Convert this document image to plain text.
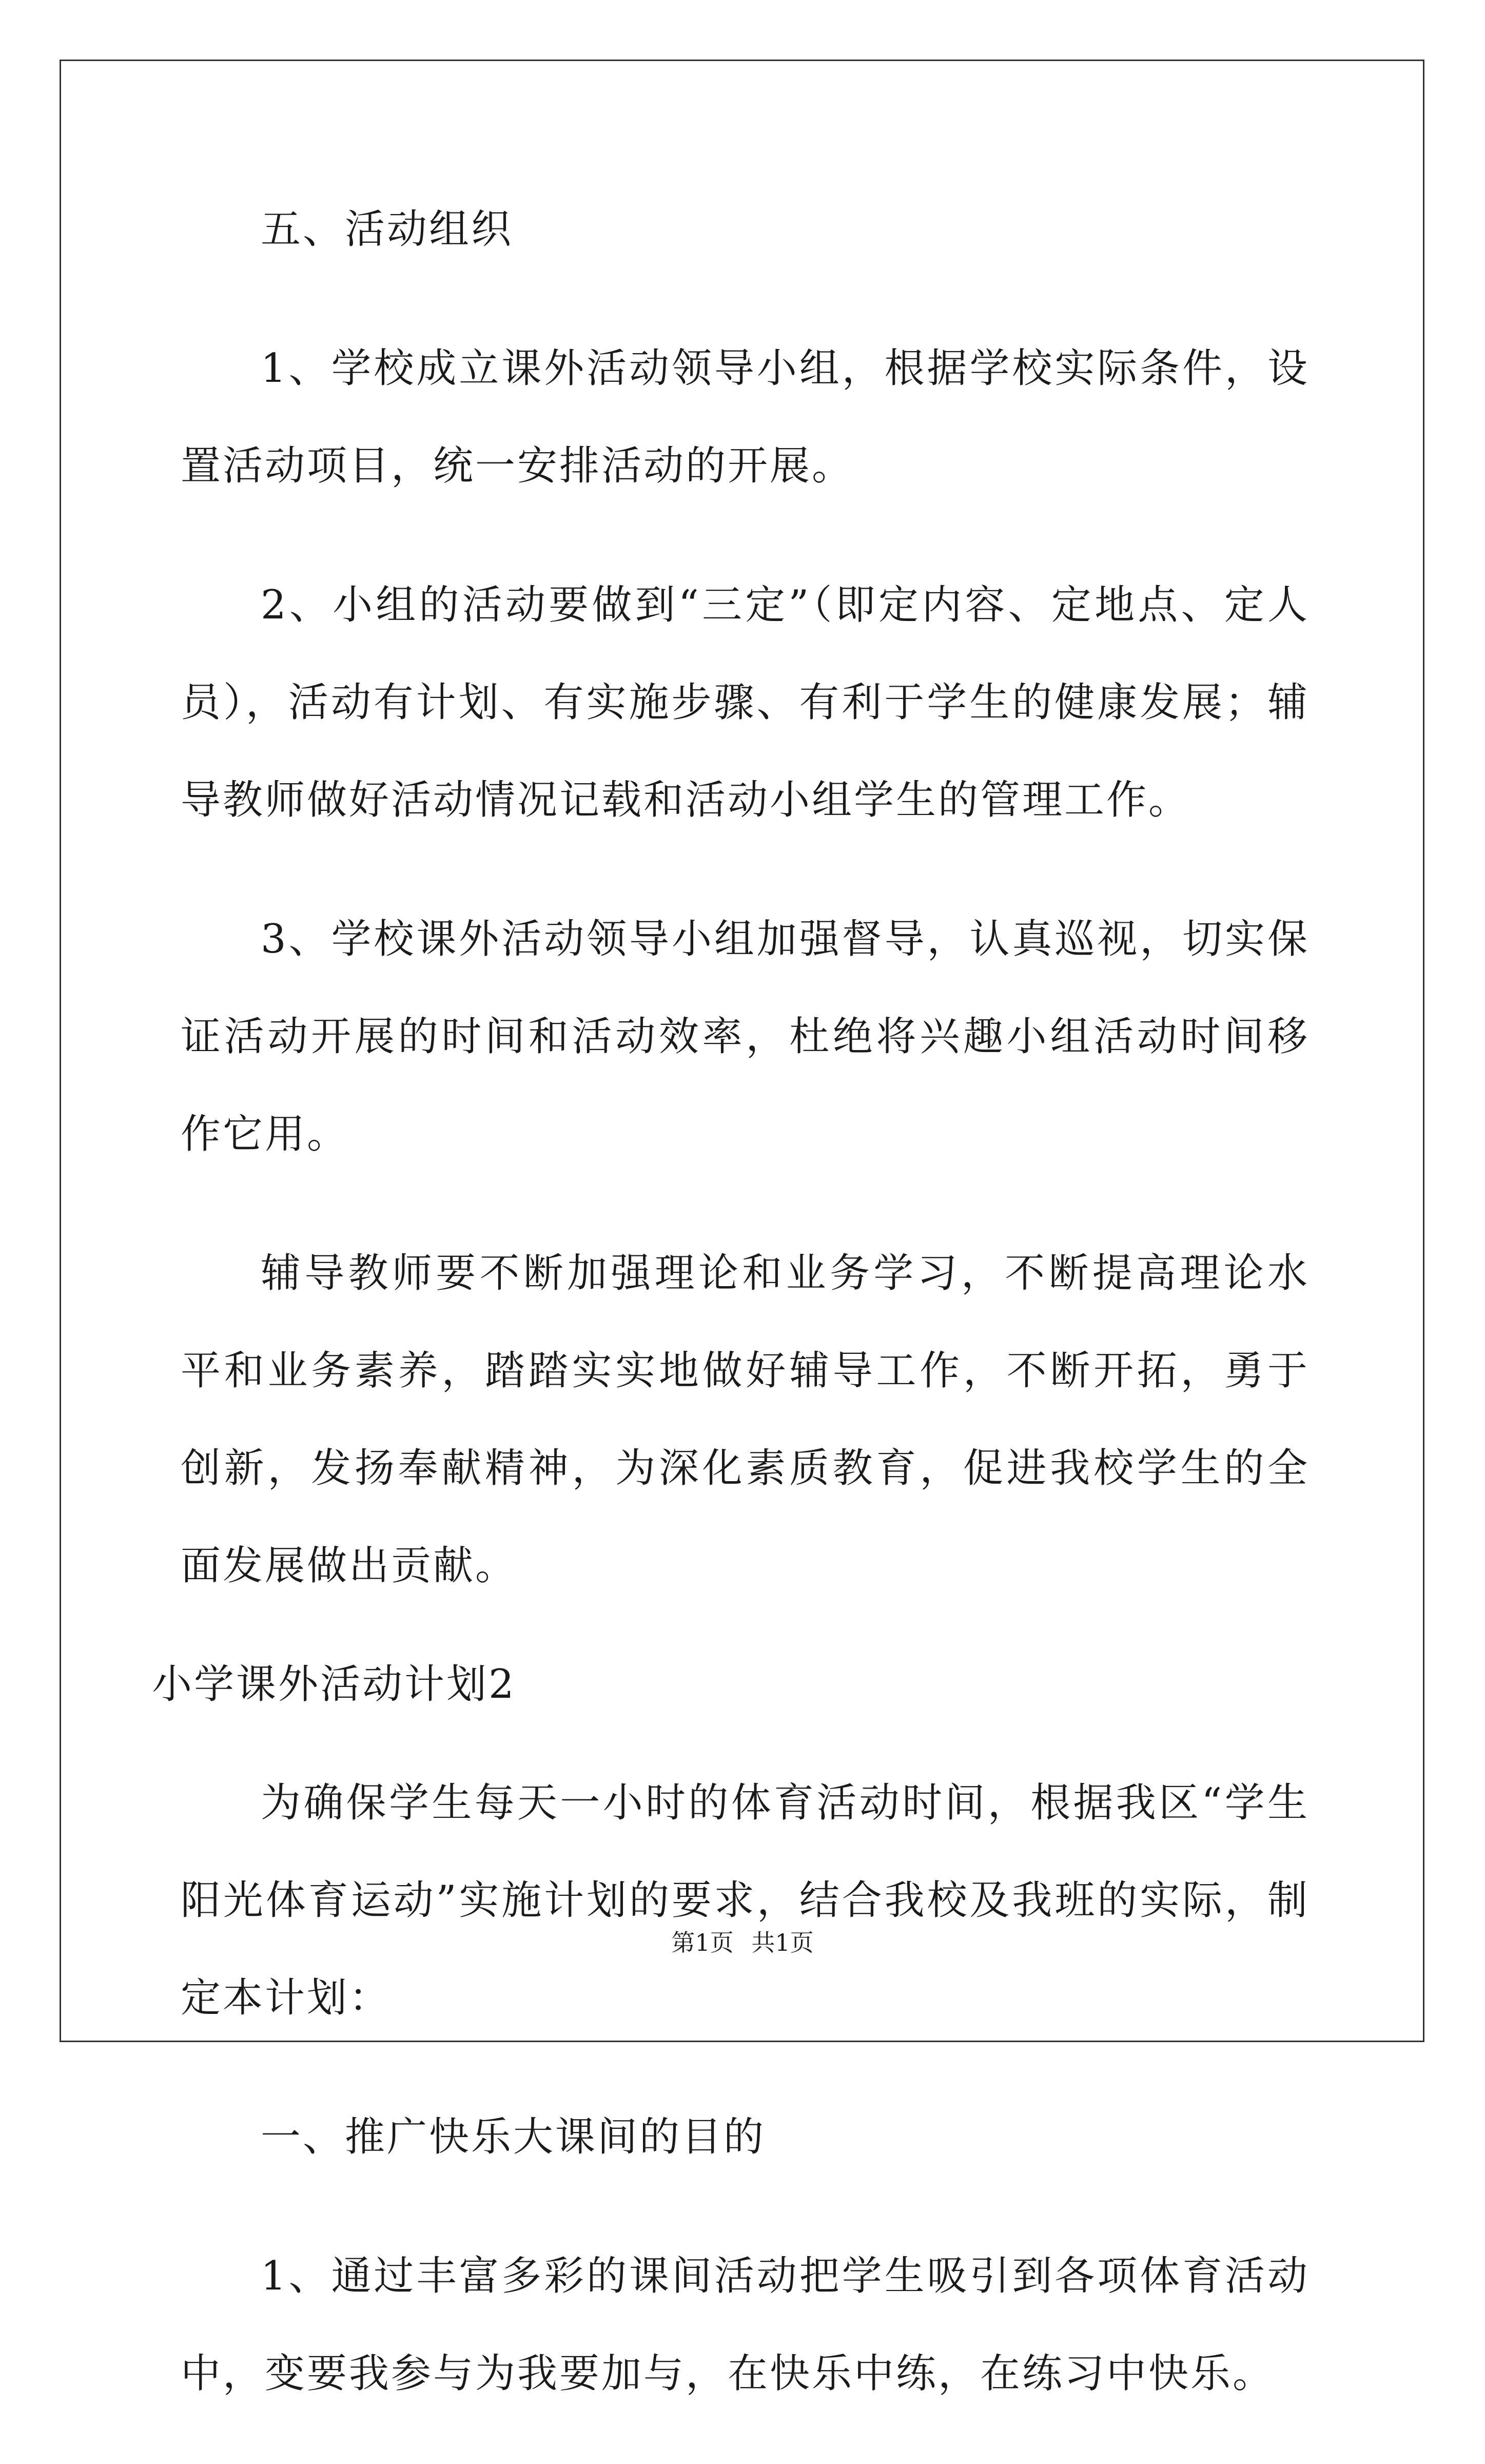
五、活动组织

1、学校成立课外活动领导小组，根据学校实际条件，设置活动项目，统一安排活动的开展。

2、小组的活动要做到“三定”（即定内容、定地点、定人员），活动有计划、有实施步骤、有利于学生的健康发展；辅导教师做好活动情况记载和活动小组学生的管理工作。

3、学校课外活动领导小组加强督导，认真巡视，切实保证活动开展的时间和活动效率，杜绝将兴趣小组活动时间移作它用。

辅导教师要不断加强理论和业务学习，不断提高理论水平和业务素养，踏踏实实地做好辅导工作，不断开拓，勇于创新，发扬奉献精神，为深化素质教育，促进我校学生的全面发展做出贡献。

小学课外活动计划2

为确保学生每天一小时的体育活动时间，根据我区“学生阳光体育运动”实施计划的要求，结合我校及我班的实际，制定本计划：

一、推广快乐大课间的目的

1、通过丰富多彩的课间活动把学生吸引到各项体育活动中，变要我参与为我要加与，在快乐中练，在练习中快乐。

第1页 共1页
